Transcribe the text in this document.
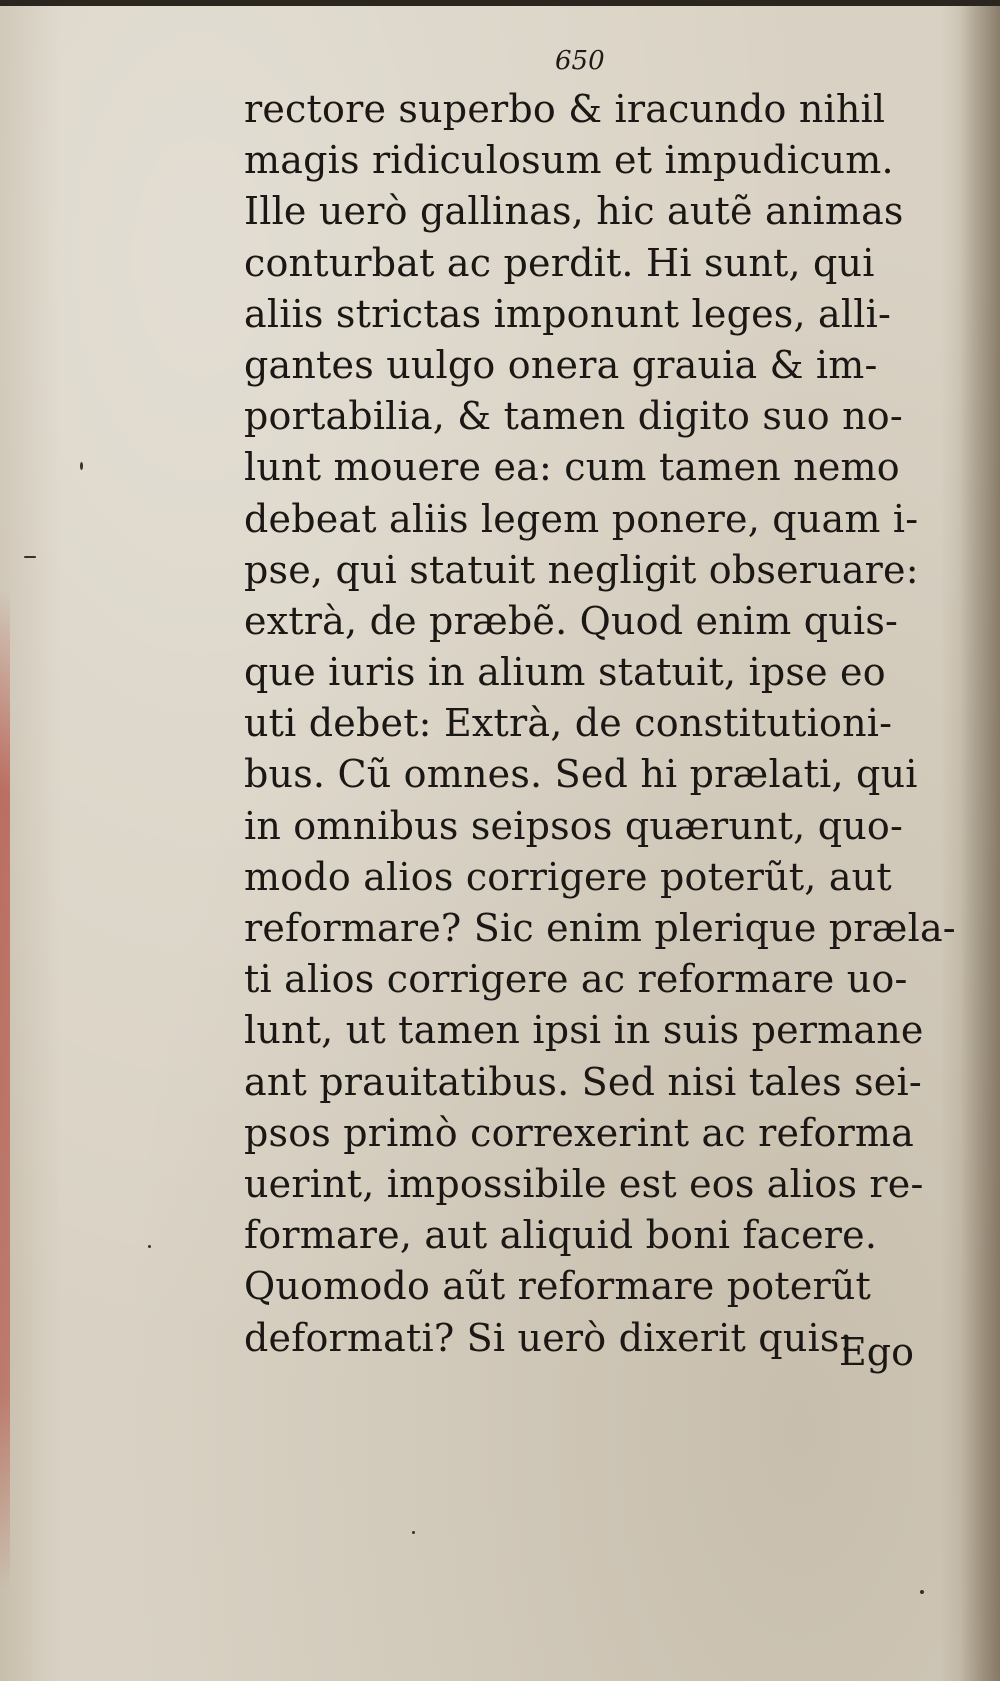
650
rectore superbo & iracundo nihil
magis ridiculosum et impudicum.
Ille uerò gallinas, hic autẽ animas
conturbat ac perdit. Hi sunt, qui
aliis strictas imponunt leges, alli-
gantes uulgo onera grauia & im-
portabilia, & tamen digito suo no-
lunt mouere ea: cum tamen nemo
debeat aliis legem ponere, quam i-
pse, qui statuit negligit obseruare:
extrà, de præbẽ. Quod enim quis-
que iuris in alium statuit, ipse eo
uti debet: Extrà, de constitutioni-
bus. Cũ omnes. Sed hi prælati, qui
in omnibus seipsos quærunt, quo-
modo alios corrigere poterũt, aut
reformare? Sic enim plerique præla-
ti alios corrigere ac reformare uo-
lunt, ut tamen ipsi in suis permane
ant prauitatibus. Sed nisi tales sei-
psos primò correxerint ac reforma
uerint, impossibile est eos alios re-
formare, aut aliquid boni facere.
Quomodo aũt reformare poterũt
deformati? Si uerò dixerit quis:
Ego
